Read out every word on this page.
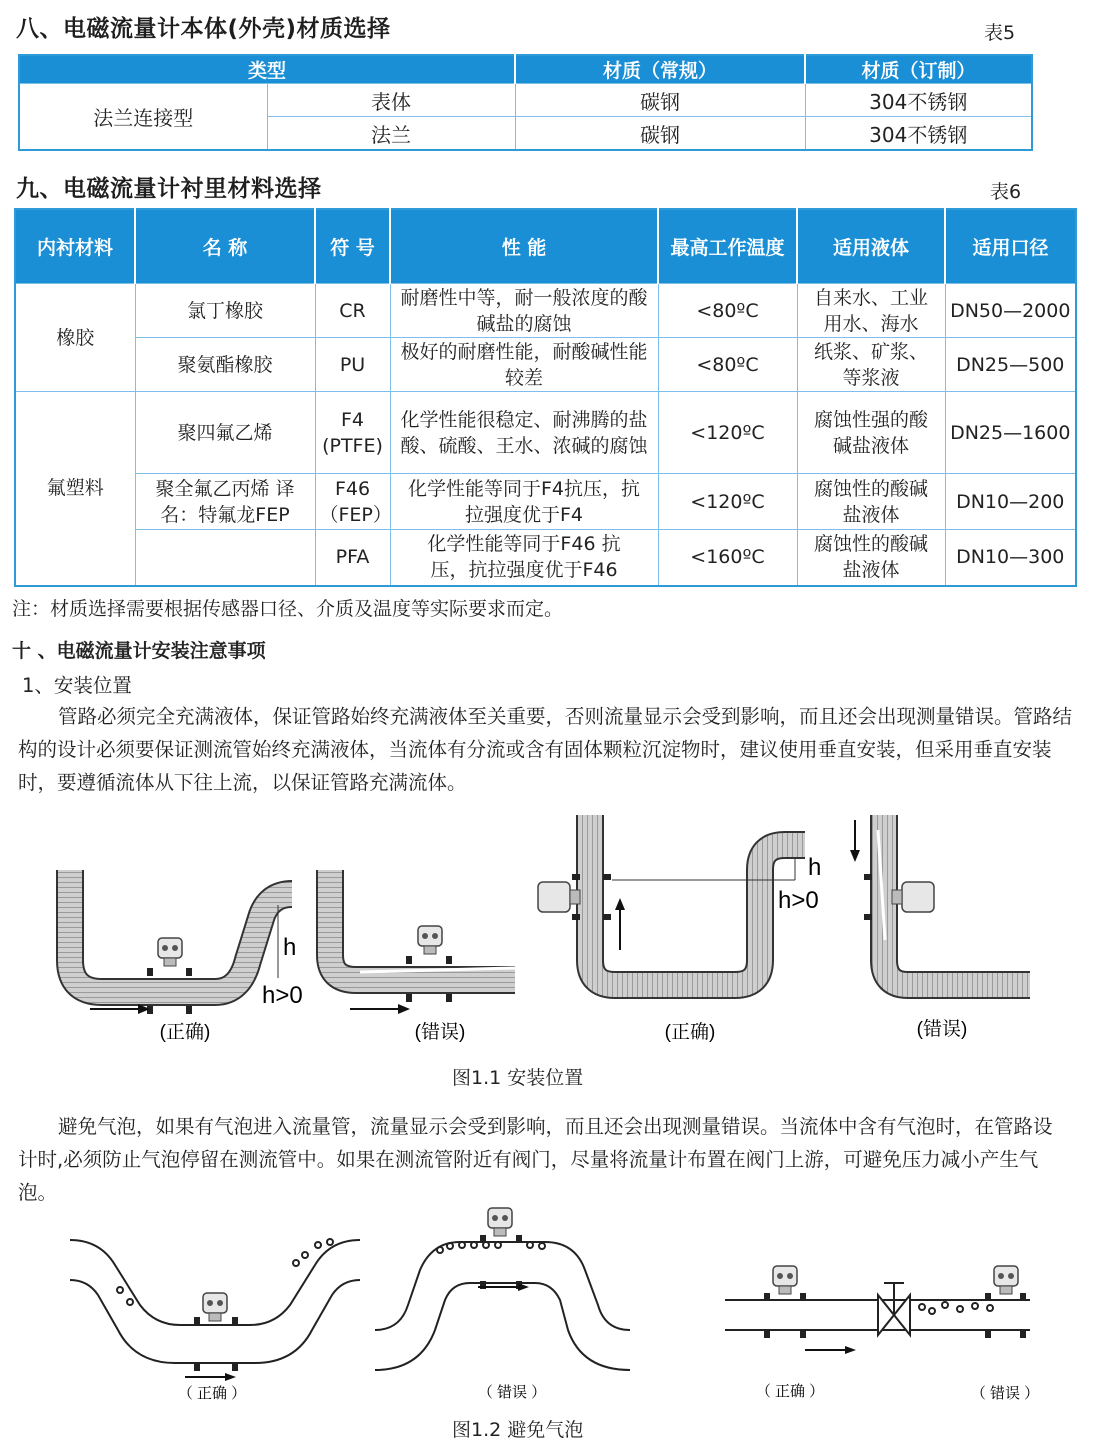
八、电磁流量计本体(外壳)材质选择	表5
类型		材质（常规）	材质（订制）
法兰连接型	表体	碳钢	304不锈钢
	法兰	碳钢	304不锈钢
九、电磁流量计衬里材料选择	表6
内衬材料	名 称	符 号	性 能	最高工作温度	适用液体	适用口径
橡胶	氯丁橡胶	CR	耐磨性中等，耐一般浓度的酸碱盐的腐蚀	<80ºC	自来水、工业用水、海水	DN50—2000
	聚氨酯橡胶	PU	极好的耐磨性能，耐酸碱性能较差	<80ºC	纸浆、矿浆、等浆液	DN25—500
氟塑料	聚四氟乙烯	F4 (PTFE)	化学性能很稳定、耐沸腾的盐酸、硫酸、王水、浓碱的腐蚀	<120ºC	腐蚀性强的酸碱盐液体	DN25—1600
	聚全氟乙丙烯 译名：特氟龙FEP	F46 （FEP）	化学性能等同于F4抗压，抗拉强度优于F4	<120ºC	腐蚀性的酸碱盐液体	DN10—200
		PFA	化学性能等同于F46 抗压，抗拉强度优于F46	<160ºC	腐蚀性的酸碱盐液体	DN10—300
注：材质选择需要根据传感器口径、介质及温度等实际要求而定。
十 、电磁流量计安装注意事项
1、安装位置
管路必须完全充满液体，保证管路始终充满液体至关重要，否则流量显示会受到影响，而且还会出现测量错误。管路结构的设计必须要保证测流管始终充满液体，当流体有分流或含有固体颗粒沉淀物时，建议使用垂直安装，但采用垂直安装时，要遵循流体从下往上流，以保证管路充满流体。
h
h>0
h
h>0
(正确)	(错误)	(正确)	(错误)
图1.1 安装位置
避免气泡，如果有气泡进入流量管，流量显示会受到影响，而且还会出现测量错误。当流体中含有气泡时，在管路设计时,必须防止气泡停留在测流管中。如果在测流管附近有阀门，尽量将流量计布置在阀门上游，可避免压力减小产生气泡。
（ 正确 ）	（ 错误 ）	（ 正确 ）	（ 错误 ）
图1.2 避免气泡
